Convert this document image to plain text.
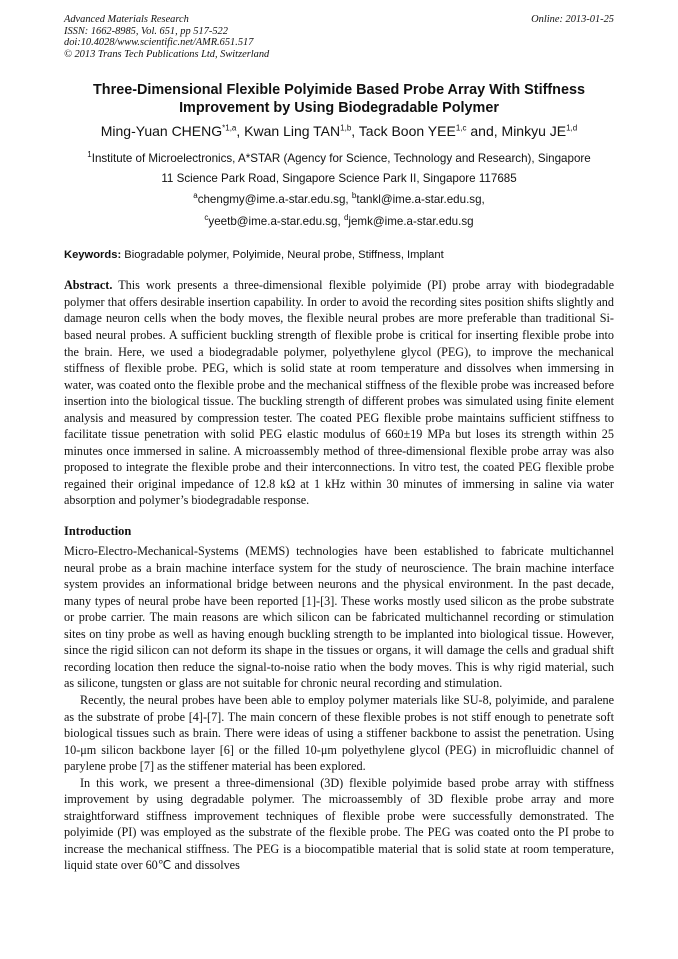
Advanced Materials Research
ISSN: 1662-8985, Vol. 651, pp 517-522
doi:10.4028/www.scientific.net/AMR.651.517
© 2013 Trans Tech Publications Ltd, Switzerland
Online: 2013-01-25
Three-Dimensional Flexible Polyimide Based Probe Array With Stiffness
Improvement by Using Biodegradable Polymer
Ming-Yuan CHENG$^{*1,a}$, Kwan Ling TAN$^{1,b}$, Tack Boon YEE$^{1,c}$ and, Minkyu JE$^{1,d}$
$^1$Institute of Microelectronics, A*STAR (Agency for Science, Technology and Research), Singapore
11 Science Park Road, Singapore Science Park II, Singapore 117685
$^a$chengmy@ime.a-star.edu.sg, $^b$tankl@ime.a-star.edu.sg,
$^c$yeetb@ime.a-star.edu.sg, $^d$jemk@ime.a-star.edu.sg
Keywords: Biogradable polymer, Polyimide, Neural probe, Stiffness, Implant
Abstract. This work presents a three-dimensional flexible polyimide (PI) probe array with biodegradable polymer that offers desirable insertion capability. In order to avoid the recording sites position shifts slightly and damage neuron cells when the body moves, the flexible neural probes are more preferable than traditional Si-based neural probes. A sufficient buckling strength of flexible probe is critical for inserting flexible probe into the brain. Here, we used a biodegradable polymer, polyethylene glycol (PEG), to improve the mechanical stiffness of flexible probe. PEG, which is solid state at room temperature and dissolves when immersing in water, was coated onto the flexible probe and the mechanical stiffness of the flexible probe was increased before insertion into the biological tissue. The buckling strength of different probes was simulated using finite element analysis and measured by compression tester. The coated PEG flexible probe maintains sufficient stiffness to facilitate tissue penetration with solid PEG elastic modulus of 660±19 MPa but loses its strength within 25 minutes once immersed in saline. A microassembly method of three-dimensional flexible probe array was also proposed to integrate the flexible probe and their interconnections. In vitro test, the coated PEG flexible probe regained their original impedance of 12.8 kΩ at 1 kHz within 30 minutes of immersing in saline via water absorption and polymer’s biodegradable response.
Introduction

Micro-Electro-Mechanical-Systems (MEMS) technologies have been established to fabricate multichannel neural probe as a brain machine interface system for the study of neuroscience. The brain machine interface system provides an informational bridge between neurons and the physical environment. In the past decade, many types of neural probe have been reported [1]-[3]. These works mostly used silicon as the probe substrate or probe carrier. The main reasons are which silicon can be fabricated multichannel recording or stimulation sites on tiny probe as well as having enough buckling strength to be implanted into biological tissue. However, since the rigid silicon can not deform its shape in the tissues or organs, it will damage the cells and gradual shift recording location then reduce the signal-to-noise ratio when the body moves. This is why rigid material, such as silicone, tungsten or glass are not suitable for chronic neural recording and stimulation.

Recently, the neural probes have been able to employ polymer materials like SU-8, polyimide, and paralene as the substrate of probe [4]-[7]. The main concern of these flexible probes is not stiff enough to penetrate soft biological tissues such as brain. There were ideas of using a stiffener backbone to assist the penetration. Using 10-μm silicon backbone layer [6] or the filled 10-μm polyethylene glycol (PEG) in microfluidic channel of parylene probe [7] as the stiffener material has been explored.

In this work, we present a three-dimensional (3D) flexible polyimide based probe array with stiffness improvement by using degradable polymer. The microassembly of 3D flexible probe array and more straightforward stiffness improvement techniques of flexible probe were successfully demonstrated. The polyimide (PI) was employed as the substrate of the flexible probe. The PEG was coated onto the PI probe to increase the mechanical stiffness. The PEG is a biocompatible material that is solid state at room temperature, liquid state over 60℃ and dissolves
